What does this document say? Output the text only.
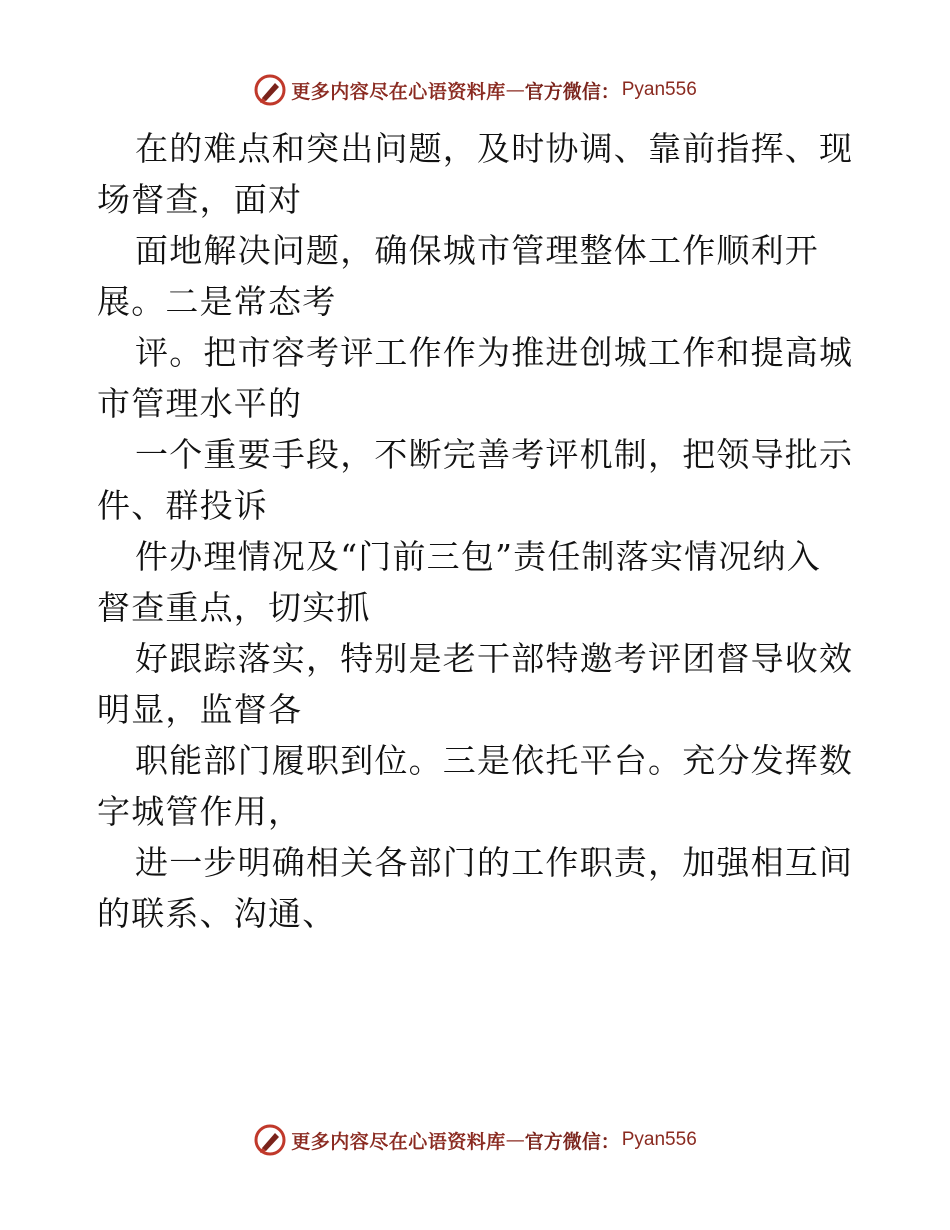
更多内容尽在心语资料库 — 官方微信： Pyan556

在的难点和突出问题，及时协调、靠前指挥、现

场督查，面对

面地解决问题，确保城市管理整体工作顺利开

展。二是常态考

评。把市容考评工作作为推进创城工作和提高城

市管理水平的

一个重要手段，不断完善考评机制，把领导批示

件、群投诉

件办理情况及“门前三包”责任制落实情况纳入

督查重点，切实抓

好跟踪落实，特别是老干部特邀考评团督导收效

明显，监督各

职能部门履职到位。三是依托平台。充分发挥数

字城管作用，

进一步明确相关各部门的工作职责，加强相互间

的联系、沟通、

更多内容尽在心语资料库 — 官方微信： Pyan556
